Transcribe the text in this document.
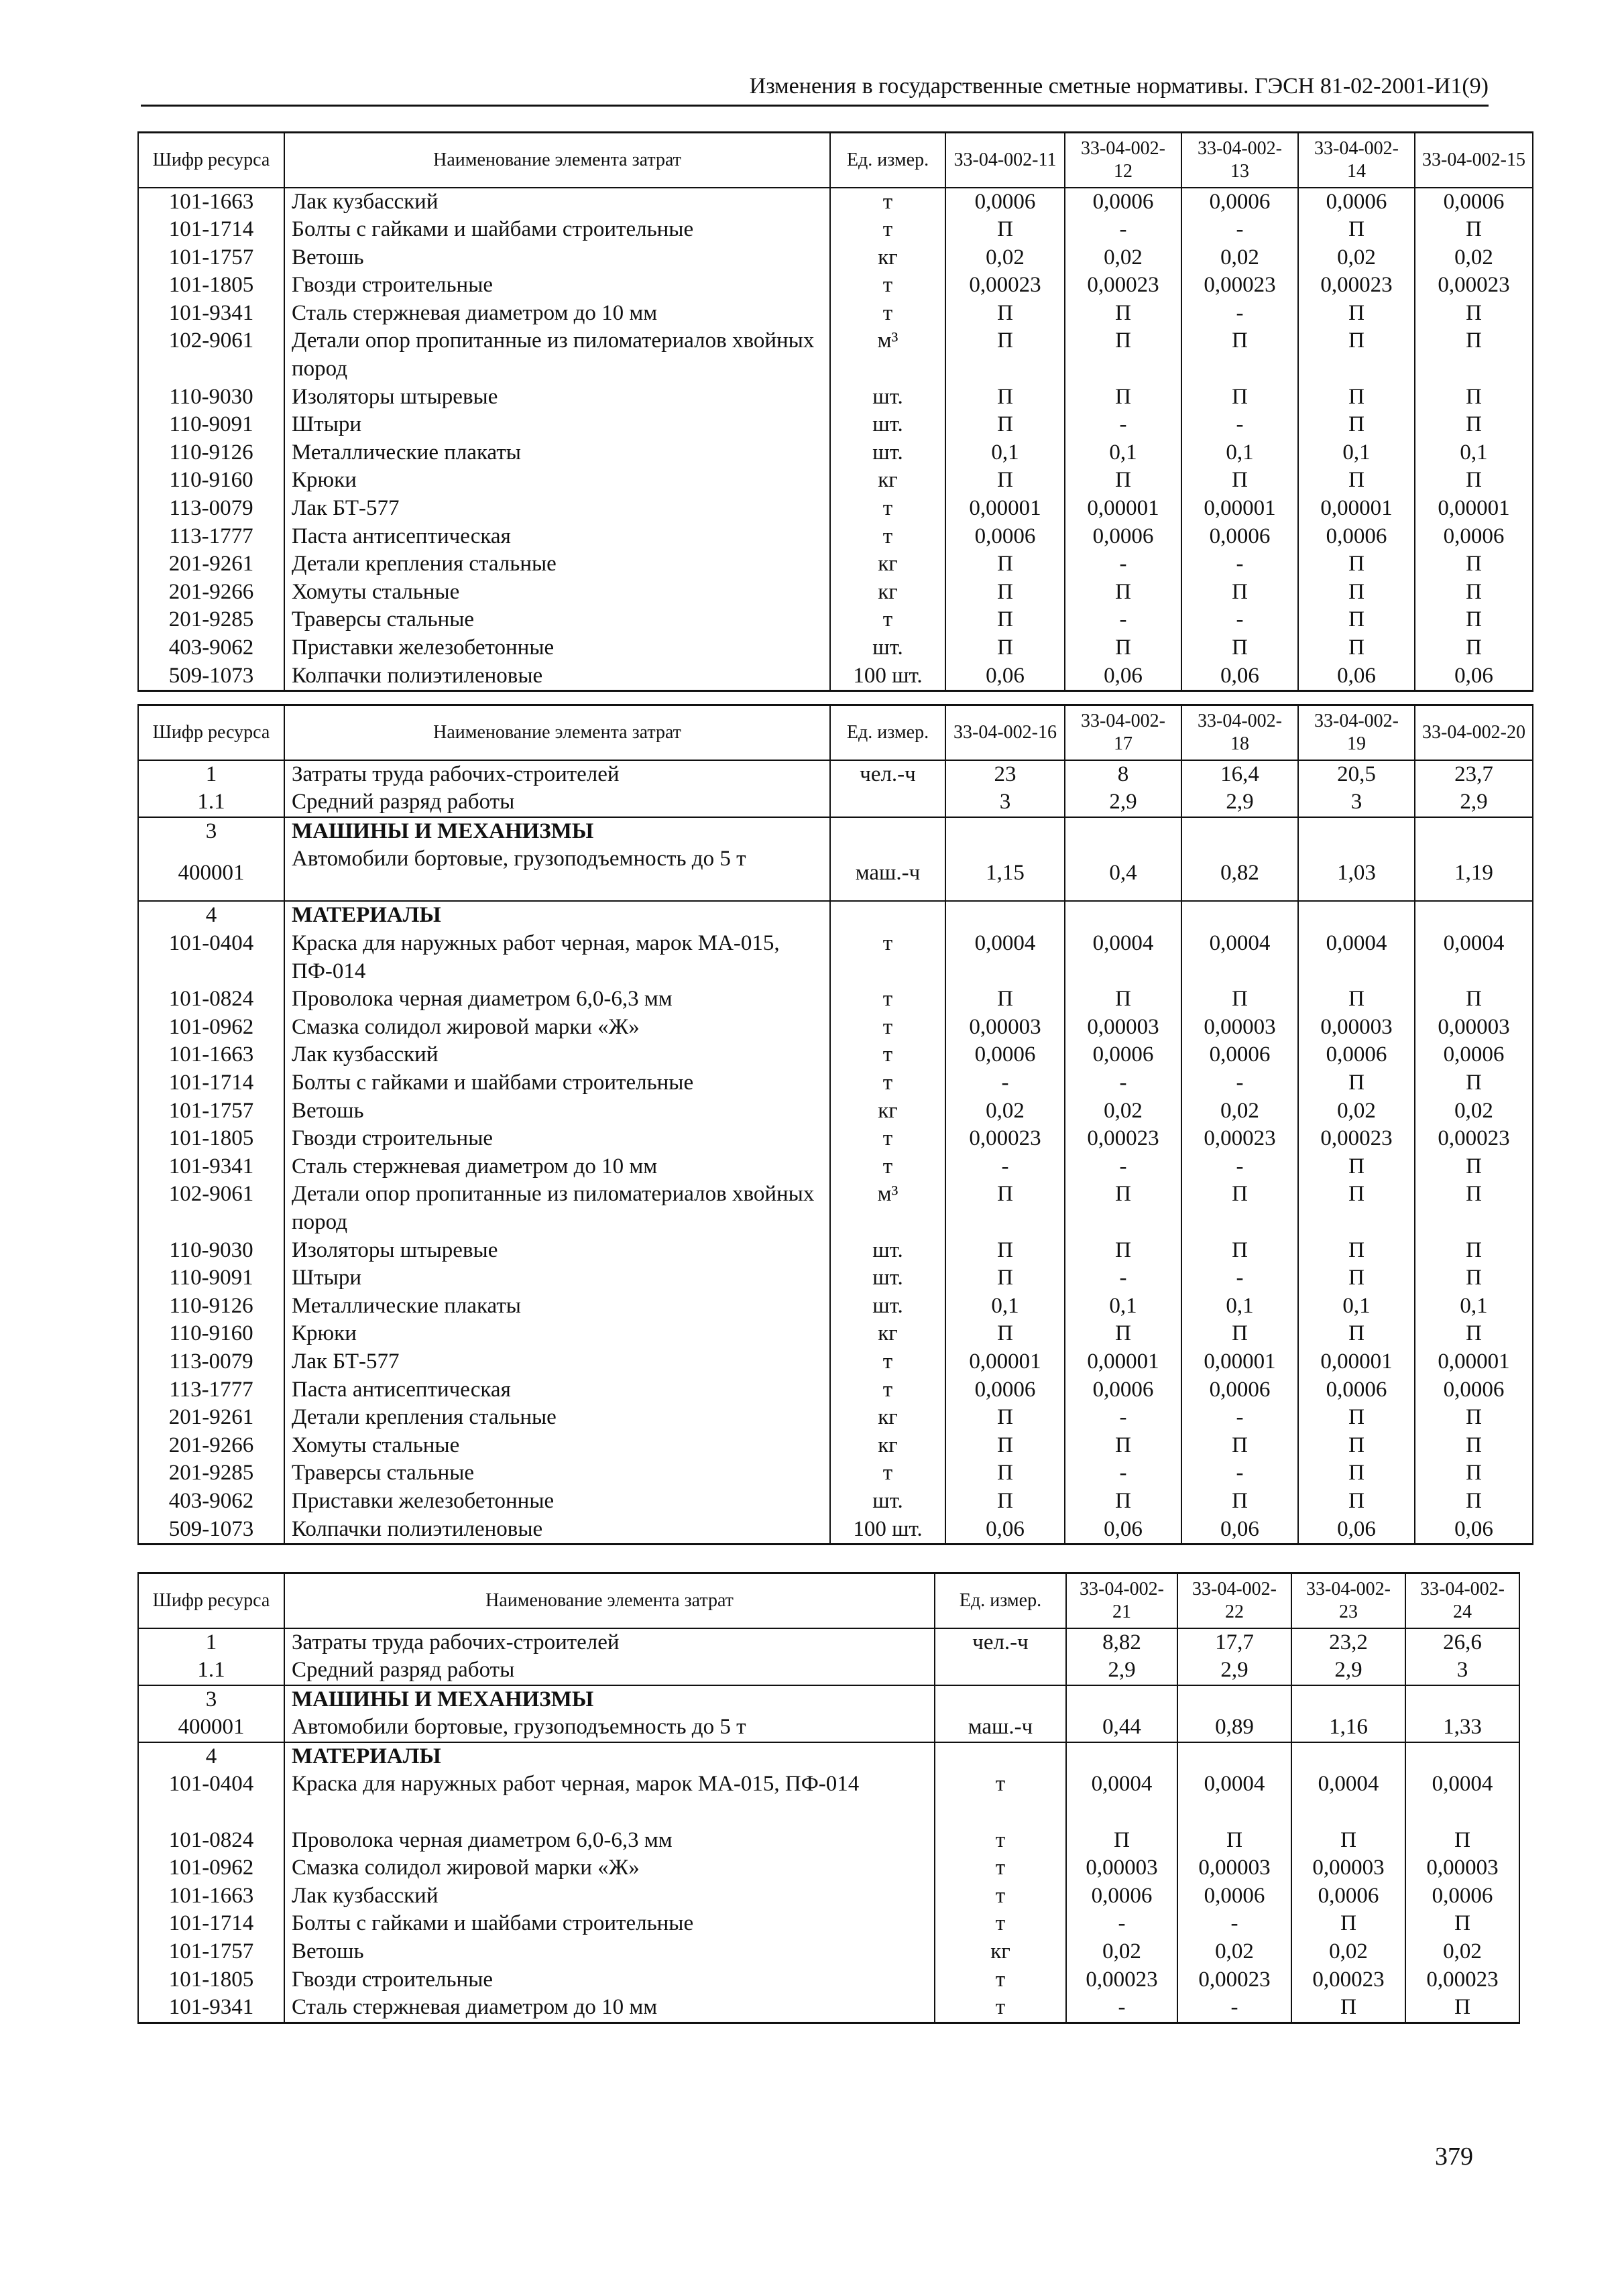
Изменения в государственные сметные нормативы. ГЭСН 81-02-2001-И1(9)
Шифр ресурса	Наименование элемента затрат	Ед. измер.	33-04-002-11	33-04-002-12	33-04-002-13	33-04-002-14	33-04-002-15
101-1663	Лак кузбасский	т	0,0006	0,0006	0,0006	0,0006	0,0006
101-1714	Болты с гайками и шайбами строительные	т	П	-	-	П	П
101-1757	Ветошь	кг	0,02	0,02	0,02	0,02	0,02
101-1805	Гвозди строительные	т	0,00023	0,00023	0,00023	0,00023	0,00023
101-9341	Сталь стержневая диаметром до 10 мм	т	П	П	-	П	П
102-9061	Детали опор пропитанные из пиломатериалов хвойных пород	м³	П	П	П	П	П
110-9030	Изоляторы штыревые	шт.	П	П	П	П	П
110-9091	Штыри	шт.	П	-	-	П	П
110-9126	Металлические плакаты	шт.	0,1	0,1	0,1	0,1	0,1
110-9160	Крюки	кг	П	П	П	П	П
113-0079	Лак БТ-577	т	0,00001	0,00001	0,00001	0,00001	0,00001
113-1777	Паста антисептическая	т	0,0006	0,0006	0,0006	0,0006	0,0006
201-9261	Детали крепления стальные	кг	П	-	-	П	П
201-9266	Хомуты стальные	кг	П	П	П	П	П
201-9285	Траверсы стальные	т	П	-	-	П	П
403-9062	Приставки железобетонные	шт.	П	П	П	П	П
509-1073	Колпачки полиэтиленовые	100 шт.	0,06	0,06	0,06	0,06	0,06
Шифр ресурса	Наименование элемента затрат	Ед. измер.	33-04-002-16	33-04-002-17	33-04-002-18	33-04-002-19	33-04-002-20
1	Затраты труда рабочих-строителей	чел.-ч	23	8	16,4	20,5	23,7
1.1	Средний разряд работы		3	2,9	2,9	3	2,9
3	МАШИНЫ И МЕХАНИЗМЫ						
400001	Автомобили бортовые, грузоподъемность до 5 т	маш.-ч	1,15	0,4	0,82	1,03	1,19
4	МАТЕРИАЛЫ						
101-0404	Краска для наружных работ черная, марок МА-015, ПФ-014	т	0,0004	0,0004	0,0004	0,0004	0,0004
101-0824	Проволока черная диаметром 6,0-6,3 мм	т	П	П	П	П	П
101-0962	Смазка солидол жировой марки «Ж»	т	0,00003	0,00003	0,00003	0,00003	0,00003
101-1663	Лак кузбасский	т	0,0006	0,0006	0,0006	0,0006	0,0006
101-1714	Болты с гайками и шайбами строительные	т	-	-	-	П	П
101-1757	Ветошь	кг	0,02	0,02	0,02	0,02	0,02
101-1805	Гвозди строительные	т	0,00023	0,00023	0,00023	0,00023	0,00023
101-9341	Сталь стержневая диаметром до 10 мм	т	-	-	-	П	П
102-9061	Детали опор пропитанные из пиломатериалов хвойных пород	м³	П	П	П	П	П
110-9030	Изоляторы штыревые	шт.	П	П	П	П	П
110-9091	Штыри	шт.	П	-	-	П	П
110-9126	Металлические плакаты	шт.	0,1	0,1	0,1	0,1	0,1
110-9160	Крюки	кг	П	П	П	П	П
113-0079	Лак БТ-577	т	0,00001	0,00001	0,00001	0,00001	0,00001
113-1777	Паста антисептическая	т	0,0006	0,0006	0,0006	0,0006	0,0006
201-9261	Детали крепления стальные	кг	П	-	-	П	П
201-9266	Хомуты стальные	кг	П	П	П	П	П
201-9285	Траверсы стальные	т	П	-	-	П	П
403-9062	Приставки железобетонные	шт.	П	П	П	П	П
509-1073	Колпачки полиэтиленовые	100 шт.	0,06	0,06	0,06	0,06	0,06
Шифр ресурса	Наименование элемента затрат	Ед. измер.	33-04-002-21	33-04-002-22	33-04-002-23	33-04-002-24
1	Затраты труда рабочих-строителей	чел.-ч	8,82	17,7	23,2	26,6
1.1	Средний разряд работы		2,9	2,9	2,9	3
3	МАШИНЫ И МЕХАНИЗМЫ					
400001	Автомобили бортовые, грузоподъемность до 5 т	маш.-ч	0,44	0,89	1,16	1,33
4	МАТЕРИАЛЫ					
101-0404	Краска для наружных работ черная, марок МА-015, ПФ-014	т	0,0004	0,0004	0,0004	0,0004
101-0824	Проволока черная диаметром 6,0-6,3 мм	т	П	П	П	П
101-0962	Смазка солидол жировой марки «Ж»	т	0,00003	0,00003	0,00003	0,00003
101-1663	Лак кузбасский	т	0,0006	0,0006	0,0006	0,0006
101-1714	Болты с гайками и шайбами строительные	т	-	-	П	П
101-1757	Ветошь	кг	0,02	0,02	0,02	0,02
101-1805	Гвозди строительные	т	0,00023	0,00023	0,00023	0,00023
101-9341	Сталь стержневая диаметром до 10 мм	т	-	-	П	П
379
